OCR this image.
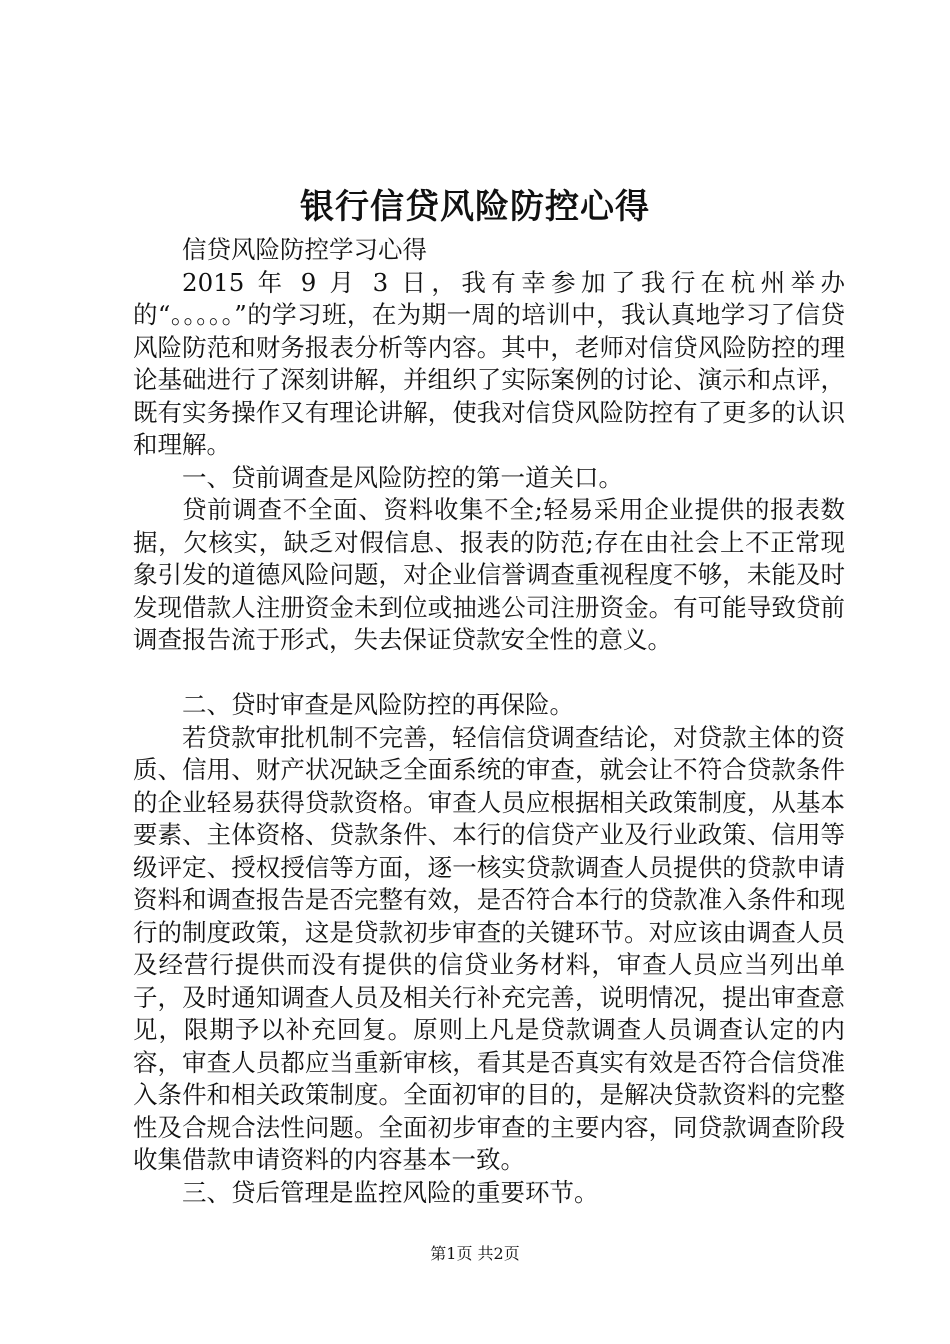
银行信贷风险防控心得

信贷风险防控学习心得

2015 年 9 月 3 日，我有幸参加了我行在杭州举办的“。。。。。”的学习班，在为期一周的培训中，我认真地学习了信贷风险防范和财务报表分析等内容。其中，老师对信贷风险防控的理论基础进行了深刻讲解，并组织了实际案例的讨论、演示和点评，既有实务操作又有理论讲解，使我对信贷风险防控有了更多的认识和理解。

一、贷前调查是风险防控的第一道关口。

贷前调查不全面、资料收集不全;轻易采用企业提供的报表数据，欠核实，缺乏对假信息、报表的防范;存在由社会上不正常现象引发的道德风险问题，对企业信誉调查重视程度不够，未能及时发现借款人注册资金未到位或抽逃公司注册资金。有可能导致贷前调查报告流于形式，失去保证贷款安全性的意义。

二、贷时审查是风险防控的再保险。

若贷款审批机制不完善，轻信信贷调查结论，对贷款主体的资质、信用、财产状况缺乏全面系统的审查，就会让不符合贷款条件的企业轻易获得贷款资格。审查人员应根据相关政策制度，从基本要素、主体资格、贷款条件、本行的信贷产业及行业政策、信用等级评定、授权授信等方面，逐一核实贷款调查人员提供的贷款申请资料和调查报告是否完整有效，是否符合本行的贷款准入条件和现行的制度政策，这是贷款初步审查的关键环节。对应该由调查人员及经营行提供而没有提供的信贷业务材料，审查人员应当列出单子，及时通知调查人员及相关行补充完善，说明情况，提出审查意见，限期予以补充回复。原则上凡是贷款调查人员调查认定的内容，审查人员都应当重新审核，看其是否真实有效是否符合信贷准入条件和相关政策制度。全面初审的目的，是解决贷款资料的完整性及合规合法性问题。全面初步审查的主要内容，同贷款调查阶段收集借款申请资料的内容基本一致。

三、贷后管理是监控风险的重要环节。

第1页 共2页
